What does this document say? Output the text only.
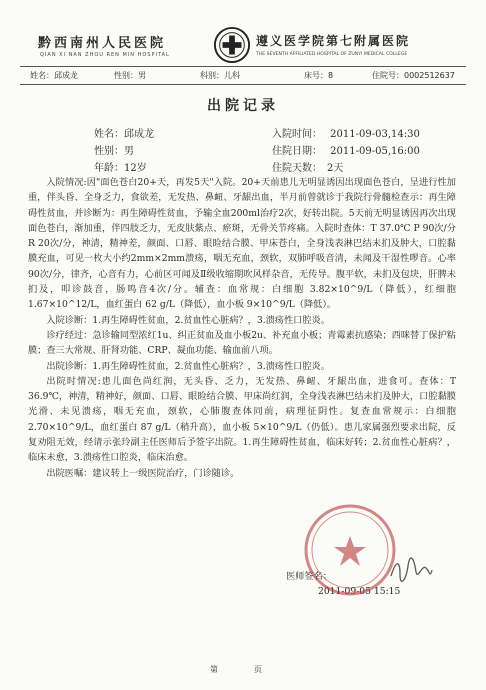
黔西南州人民医院
QIAN XI NAN ZHOU REN MIN HOSPITAL
遵义医学院第七附属医院
THE SEVENTH AFFILIATED HOSPITAL OF ZUNYI MEDICAL COLLEGE
姓名：邱成龙	性别：男	科别：儿科	床号：8	住院号：0002512637
出院记录
姓名：邱成龙
性别：男
年龄：12岁
入院时间：　 2011-09-03,14:30
住院日期：　 2011-09-05,16:00
住院天数：　2天

入院情况:因"面色苍白20+天，再发5天"入院。20+天前患儿无明显诱因出现面色苍白，呈进行性加重，伴头昏、全身乏力，食欲差，无发热、鼻衄、牙龈出血，半月前曾就诊于我院行骨髓检查示：再生障碍性贫血，并诊断为：再生障碍性贫血，予输全血200ml治疗2次，好转出院。5天前无明显诱因再次出现面色苍白，渐加重，伴四肢乏力，无皮肤紫点、瘀斑，无骨关节疼痛。入院时查体：T 37.0℃ P 90次/分 R 20次/分，神清，精神差，颜面、口唇、眼睑结合膜、甲床苍白，全身浅表淋巴结未扪及肿大，口腔黏膜充血，可见一枚大小约2mm×2mm溃疡，咽无充血，颈软，双肺呼吸音清，未闻及干湿性啰音。心率90次/分，律齐，心音有力，心前区可闻及Ⅱ级收缩期吹风样杂音，无传导。腹平软，未扪及包块，肝脾未扪及，叩诊鼓音，肠鸣音4次/分。辅查：血常规：白细胞 3.82×10^9/L（降低），红细胞 1.67×10^12/L，血红蛋白 62 g/L（降低），血小板 9×10^9/L（降低）。

入院诊断：1.再生障碍性贫血，2.贫血性心脏病？，3.溃疡性口腔炎。

诊疗经过：急诊输同型浓红1u、纠正贫血及血小板2u、补充血小板；青霉素抗感染；西咪替丁保护粘膜；查三大常规、肝肾功能、CRP、凝血功能、输血前八项。

出院诊断：1.再生障碍性贫血，2.贫血性心脏病？，3.溃疡性口腔炎。

出院时情况:患儿面色尚红润，无头昏、乏力，无发热、鼻衄、牙龈出血，进食可。查体：T 36.9℃，神清，精神好，颜面、口唇、眼睑结合膜、甲床尚红润，全身浅表淋巴结未扪及肿大，口腔黏膜光滑、未见溃疡，咽无充血，颈软，心肺腹查体同前，病理征阴性。复查血常规示：白细胞 2.70×10^9/L，血红蛋白 87 g/L（稍升高），血小板 5×10^9/L（仍低）。患儿家属强烈要求出院，反复劝阻无效，经请示张玲副主任医师后予签字出院。1.再生障碍性贫血，临床好转；2.贫血性心脏病？，临床未愈，3.溃疡性口腔炎，临床治愈。

出院医嘱：建议转上一级医院治疗，门诊随诊。

医师签名：
2011-09-05 15:15
第　页
